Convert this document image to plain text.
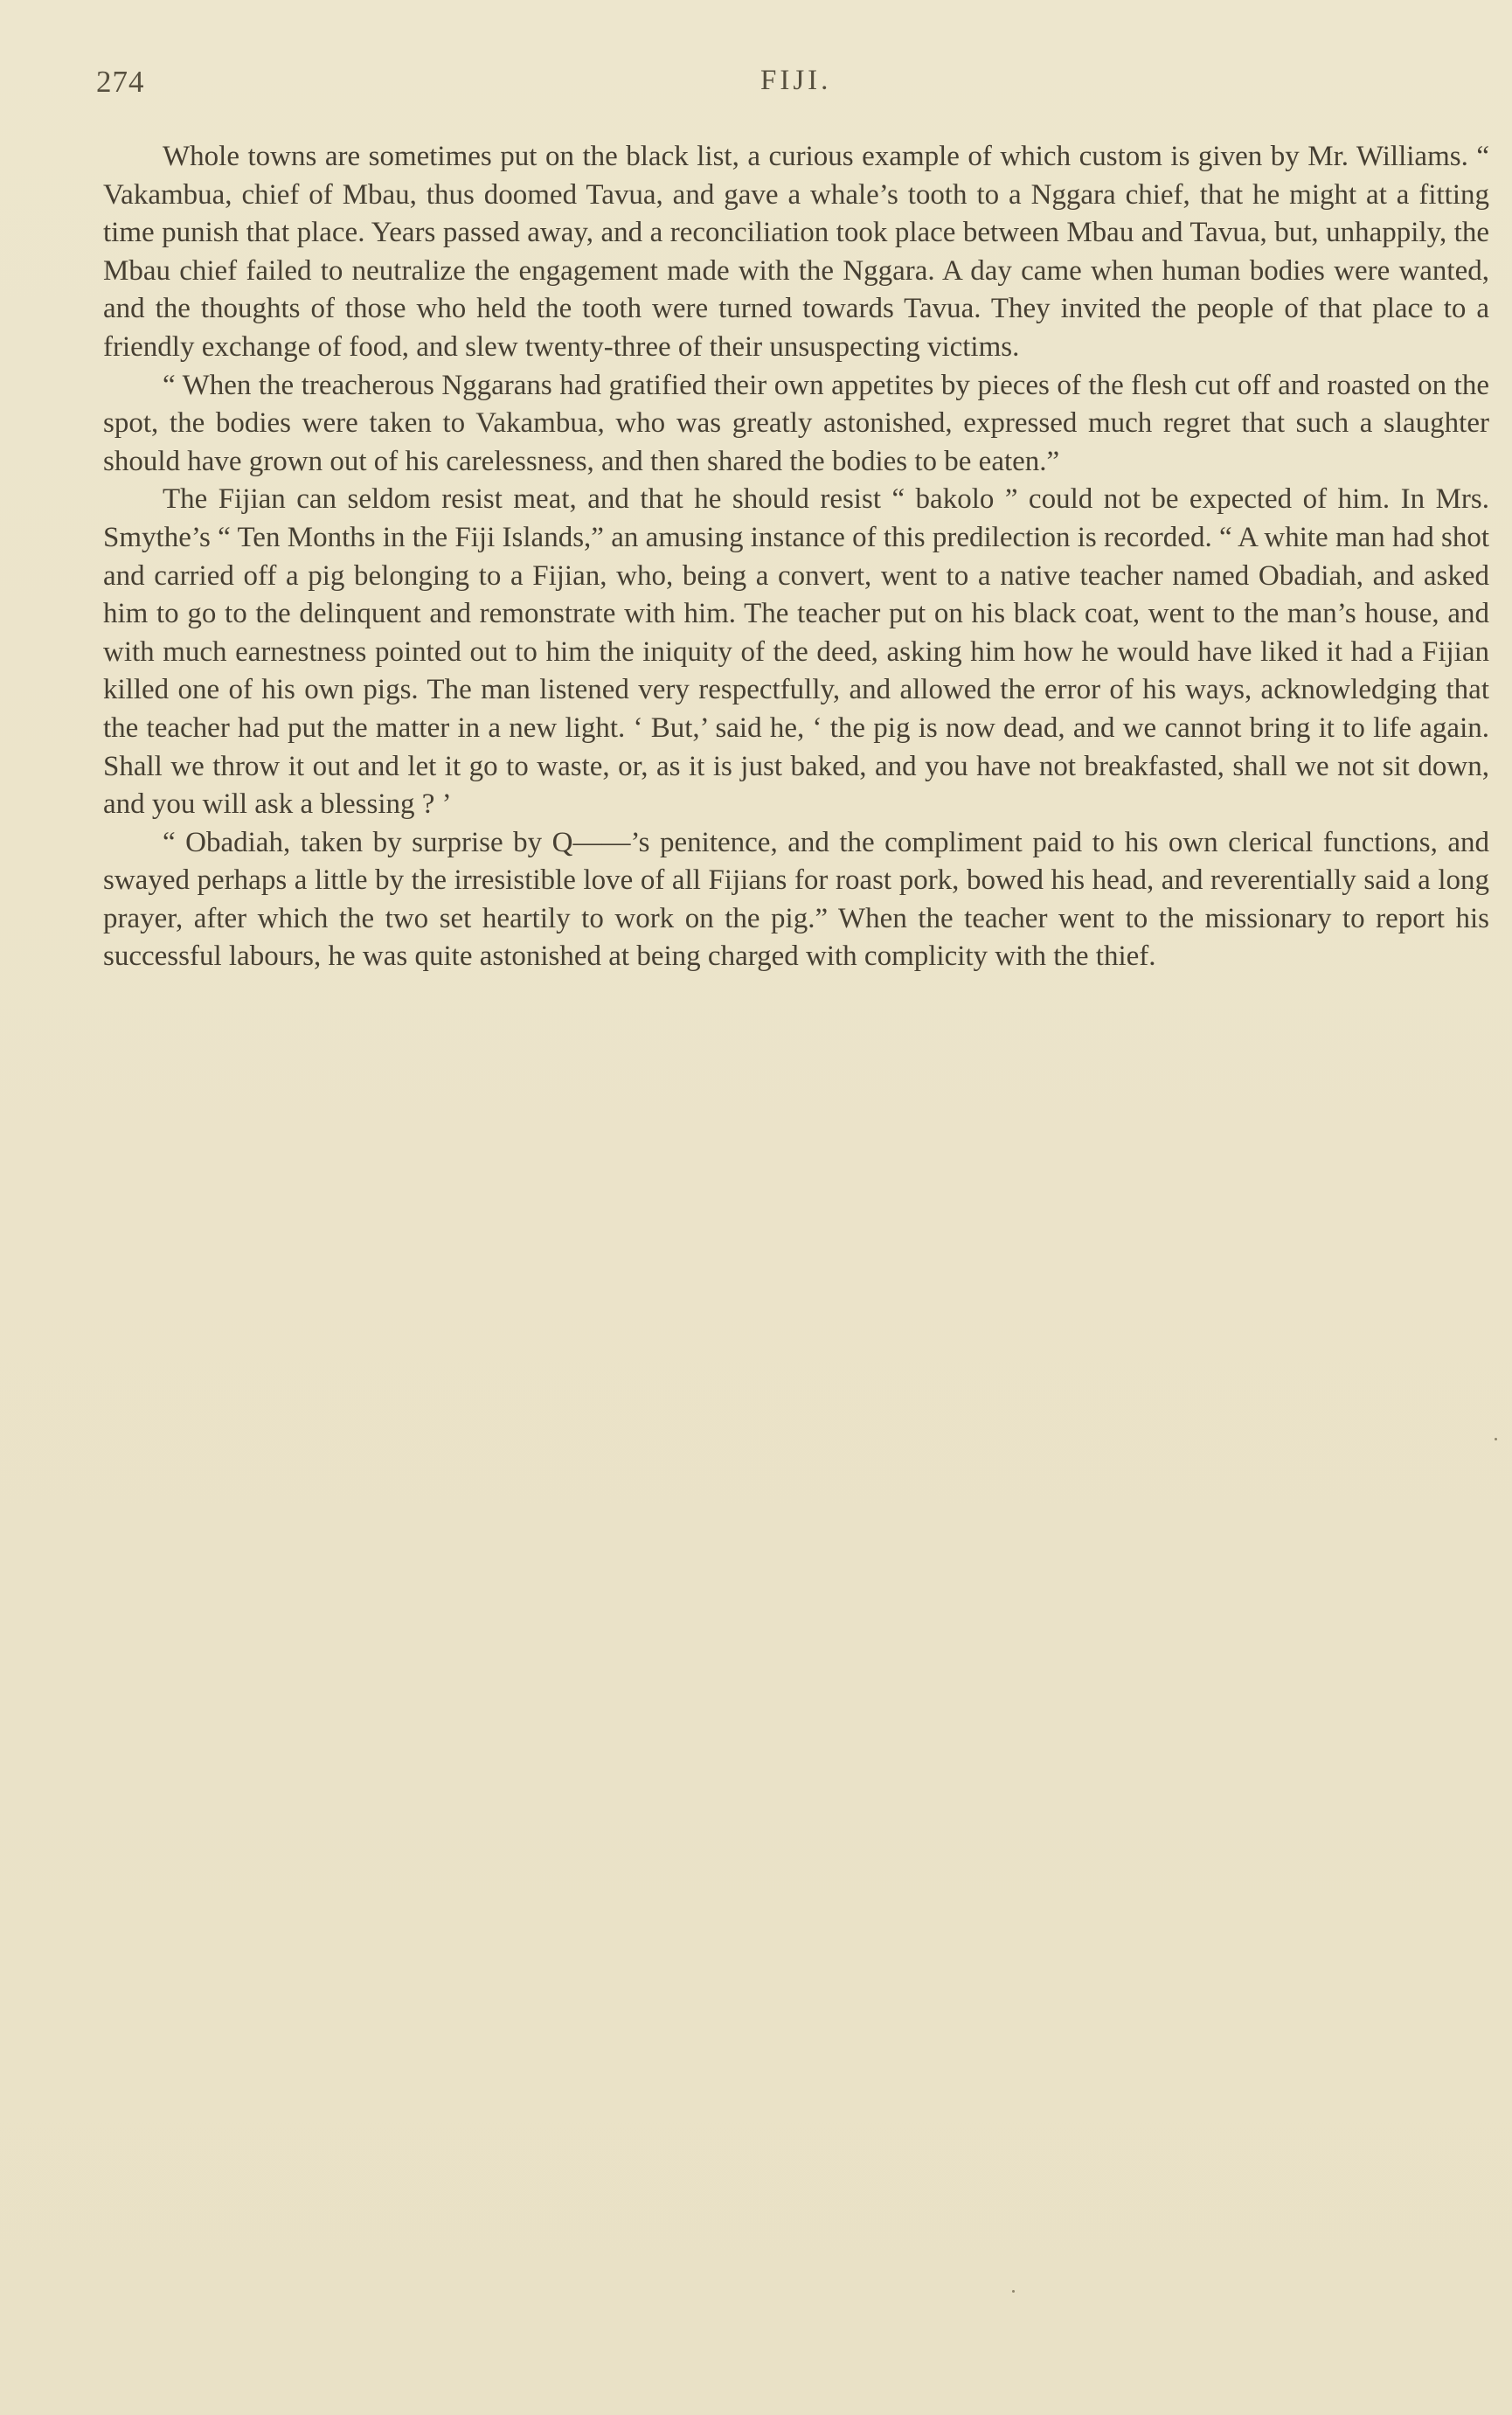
274	FIJI.

Whole towns are sometimes put on the black list, a curious example of which custom is given by Mr. Williams. “ Vakambua, chief of Mbau, thus doomed Tavua, and gave a whale’s tooth to a Nggara chief, that he might at a fitting time punish that place. Years passed away, and a reconciliation took place between Mbau and Tavua, but, unhappily, the Mbau chief failed to neutralize the engagement made with the Nggara. A day came when human bodies were wanted, and the thoughts of those who held the tooth were turned towards Tavua. They invited the people of that place to a friendly exchange of food, and slew twenty-three of their unsuspecting victims.

“ When the treacherous Nggarans had gratified their own appetites by pieces of the flesh cut off and roasted on the spot, the bodies were taken to Vakambua, who was greatly astonished, expressed much regret that such a slaughter should have grown out of his carelessness, and then shared the bodies to be eaten.”

The Fijian can seldom resist meat, and that he should resist “ bakolo ” could not be expected of him. In Mrs. Smythe’s “ Ten Months in the Fiji Islands,” an amusing instance of this predilection is recorded. “ A white man had shot and carried off a pig belonging to a Fijian, who, being a convert, went to a native teacher named Obadiah, and asked him to go to the delinquent and remonstrate with him. The teacher put on his black coat, went to the man’s house, and with much earnestness pointed out to him the iniquity of the deed, asking him how he would have liked it had a Fijian killed one of his own pigs. The man listened very respectfully, and allowed the error of his ways, acknowledging that the teacher had put the matter in a new light. ‘ But,’ said he, ‘ the pig is now dead, and we cannot bring it to life again. Shall we throw it out and let it go to waste, or, as it is just baked, and you have not breakfasted, shall we not sit down, and you will ask a blessing ? ’

“ Obadiah, taken by surprise by Q——’s penitence, and the compliment paid to his own clerical functions, and swayed perhaps a little by the irresistible love of all Fijians for roast pork, bowed his head, and reverentially said a long prayer, after which the two set heartily to work on the pig.” When the teacher went to the missionary to report his successful labours, he was quite astonished at being charged with complicity with the thief.
